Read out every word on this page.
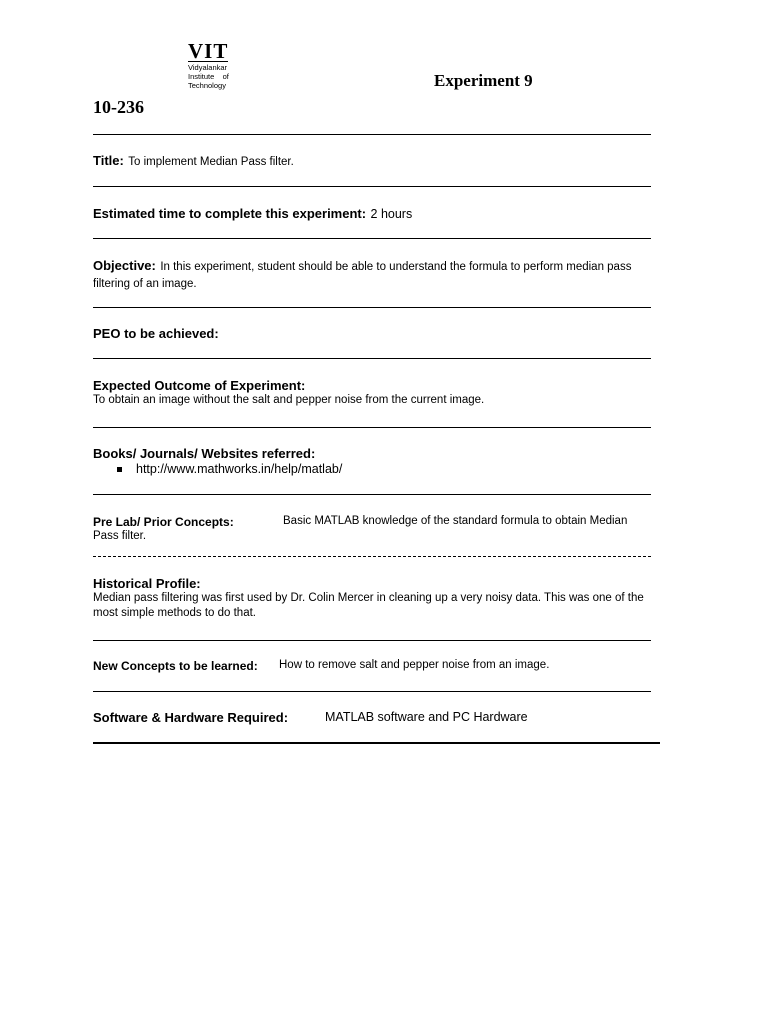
VIT
Vidyalankar
Institute    of
Technology	Experiment 9
10-236
Title: To implement Median Pass filter.
Estimated time to complete this experiment: 2 hours
Objective: In this experiment, student should be able to understand the formula to perform median pass filtering of an image.
PEO to be achieved:
Expected Outcome of Experiment:
To obtain an image without the salt and pepper noise from the current image.
Books/ Journals/ Websites referred:
http://www.mathworks.in/help/matlab/
Pre Lab/ Prior Concepts:	Basic MATLAB knowledge of the standard formula to obtain Median
Pass filter.
Historical Profile:
Median pass filtering was first used by Dr. Colin Mercer in cleaning up a very noisy data. This was one of the most simple methods to do that.
New Concepts to be learned: How to remove salt and pepper noise from an image.
Software & Hardware Required:	MATLAB software and PC Hardware
